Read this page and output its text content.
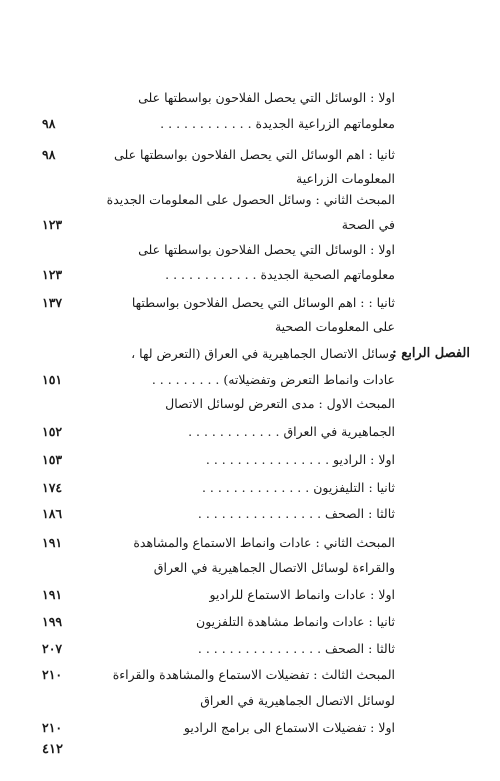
اولا : الوسائل التي يحصل الفلاحون بواسطتها على
معلوماتهم الزراعية الجديدة . . . . . . . . . . . .
٩٨
ثانيا : اهم الوسائل التي يحصل الفلاحون بواسطتها على
٩٨
المعلومات الزراعية
المبحث الثاني : وسائل الحصول على المعلومات الجديدة
في الصحة
١٢٣
اولا : الوسائل التي يحصل الفلاحون بواسطتها على
معلوماتهم الصحية الجديدة . . . . . . . . . . . .
١٢٣
ثانيا : : اهم الوسائل التي يحصل الفلاحون بواسطتها
١٣٧
على المعلومات الصحية
الفصل الرابع :
وسائل الاتصال الجماهيرية في العراق (التعرض لها ،
عادات وانماط التعرض وتفضيلاته) . . . . . . . . .
١٥١
المبحث الاول : مدى التعرض لوسائل الاتصال
الجماهيرية في العراق . . . . . . . . . . . .
١٥٢
اولا : الراديو . . . . . . . . . . . . . . . .
١٥٣
ثانيا : التليفزيون . . . . . . . . . . . . . .
١٧٤
ثالثا : الصحف . . . . . . . . . . . . . . . .
١٨٦
المبحث الثاني : عادات وانماط الاستماع والمشاهدة
١٩١
والقراءة لوسائل الاتصال الجماهيرية في العراق
اولا : عادات وانماط الاستماع للراديو
١٩١
ثانيا : عادات وانماط مشاهدة التلفزيون
١٩٩
ثالثا : الصحف . . . . . . . . . . . . . . . .
٢٠٧
المبحث الثالث : تفضيلات الاستماع والمشاهدة والقراءة
٢١٠
لوسائل الاتصال الجماهيرية في العراق
اولا : تفضيلات الاستماع الى برامج الراديو
٢١٠
٤١٢
